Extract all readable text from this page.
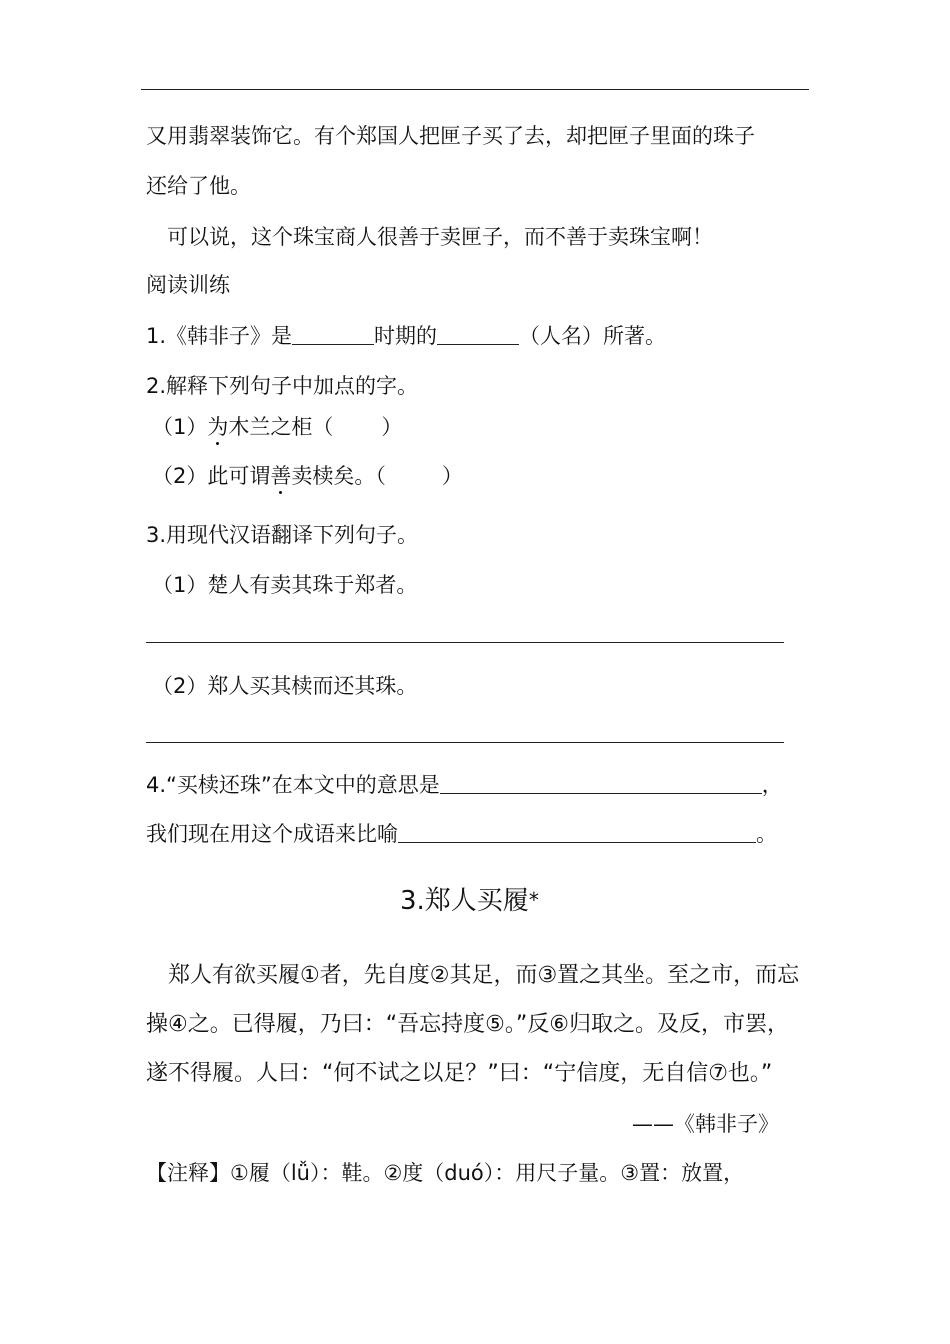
又用翡翠装饰它。有个郑国人把匣子买了去，却把匣子里面的珠子
还给了他。
可以说，这个珠宝商人很善于卖匣子，而不善于卖珠宝啊！
阅读训练
1.《韩非子》是	时期的	（人名）所著。
2.解释下列句子中加点的字。
（1）为木兰之柜（ ）
（2）此可谓善卖椟矣。（	）
3.用现代汉语翻译下列句子。
（1）楚人有卖其珠于郑者。
（2）郑人买其椟而还其珠。
4.“买椟还珠”在本文中的意思是	，
我们现在用这个成语来比喻	。
3.郑人买履*
郑人有欲买履①者，先自度②其足，而③置之其坐。至之市，而忘
操④之。已得履，乃曰：“吾忘持度⑤。”反⑥归取之。及反，市罢，
遂不得履。人曰：“何不试之以足？”曰：“宁信度，无自信⑦也。”
——《韩非子》
【注释】①履（lǚ）：鞋。②度（duó）：用尺子量。③置：放置，
